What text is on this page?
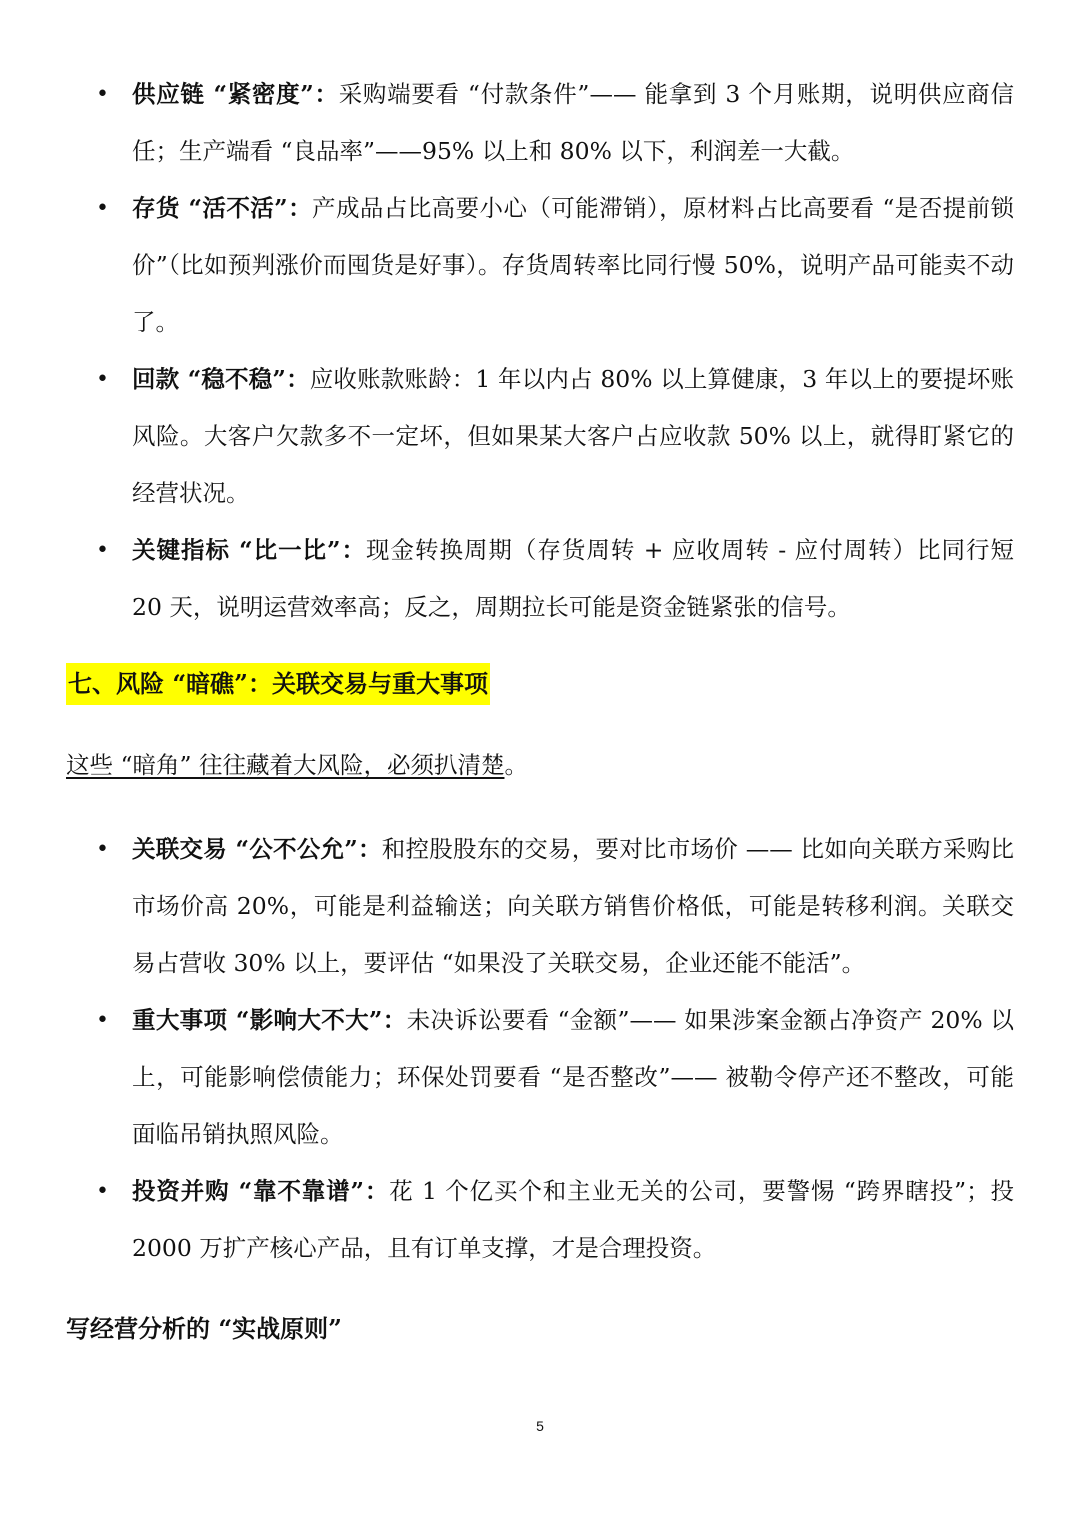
• 供应链 “紧密度”：采购端要看 “付款条件”—— 能拿到 3 个月账期，说明供应商信任；生产端看 “良品率”——95% 以上和 80% 以下，利润差一大截。
• 存货 “活不活”：产成品占比高要小心（可能滞销），原材料占比高要看 “是否提前锁价”（比如预判涨价而囤货是好事）。存货周转率比同行慢 50%，说明产品可能卖不动了。
• 回款 “稳不稳”：应收账款账龄：1 年以内占 80% 以上算健康，3 年以上的要提坏账风险。大客户欠款多不一定坏，但如果某大客户占应收款 50% 以上，就得盯紧它的经营状况。
• 关键指标 “比一比”：现金转换周期（存货周转 + 应收周转 - 应付周转）比同行短 20 天，说明运营效率高；反之，周期拉长可能是资金链紧张的信号。
七、风险 “暗礁”：关联交易与重大事项
这些 “暗角” 往往藏着大风险，必须扒清楚。
• 关联交易 “公不公允”：和控股股东的交易，要对比市场价 —— 比如向关联方采购比市场价高 20%，可能是利益输送；向关联方销售价格低，可能是转移利润。关联交易占营收 30% 以上，要评估 “如果没了关联交易，企业还能不能活”。
• 重大事项 “影响大不大”：未决诉讼要看 “金额”—— 如果涉案金额占净资产 20% 以上，可能影响偿债能力；环保处罚要看 “是否整改”—— 被勒令停产还不整改，可能面临吊销执照风险。
• 投资并购 “靠不靠谱”：花 1 个亿买个和主业无关的公司，要警惕 “跨界瞎投”；投 2000 万扩产核心产品，且有订单支撑，才是合理投资。
写经营分析的 “实战原则”
5
